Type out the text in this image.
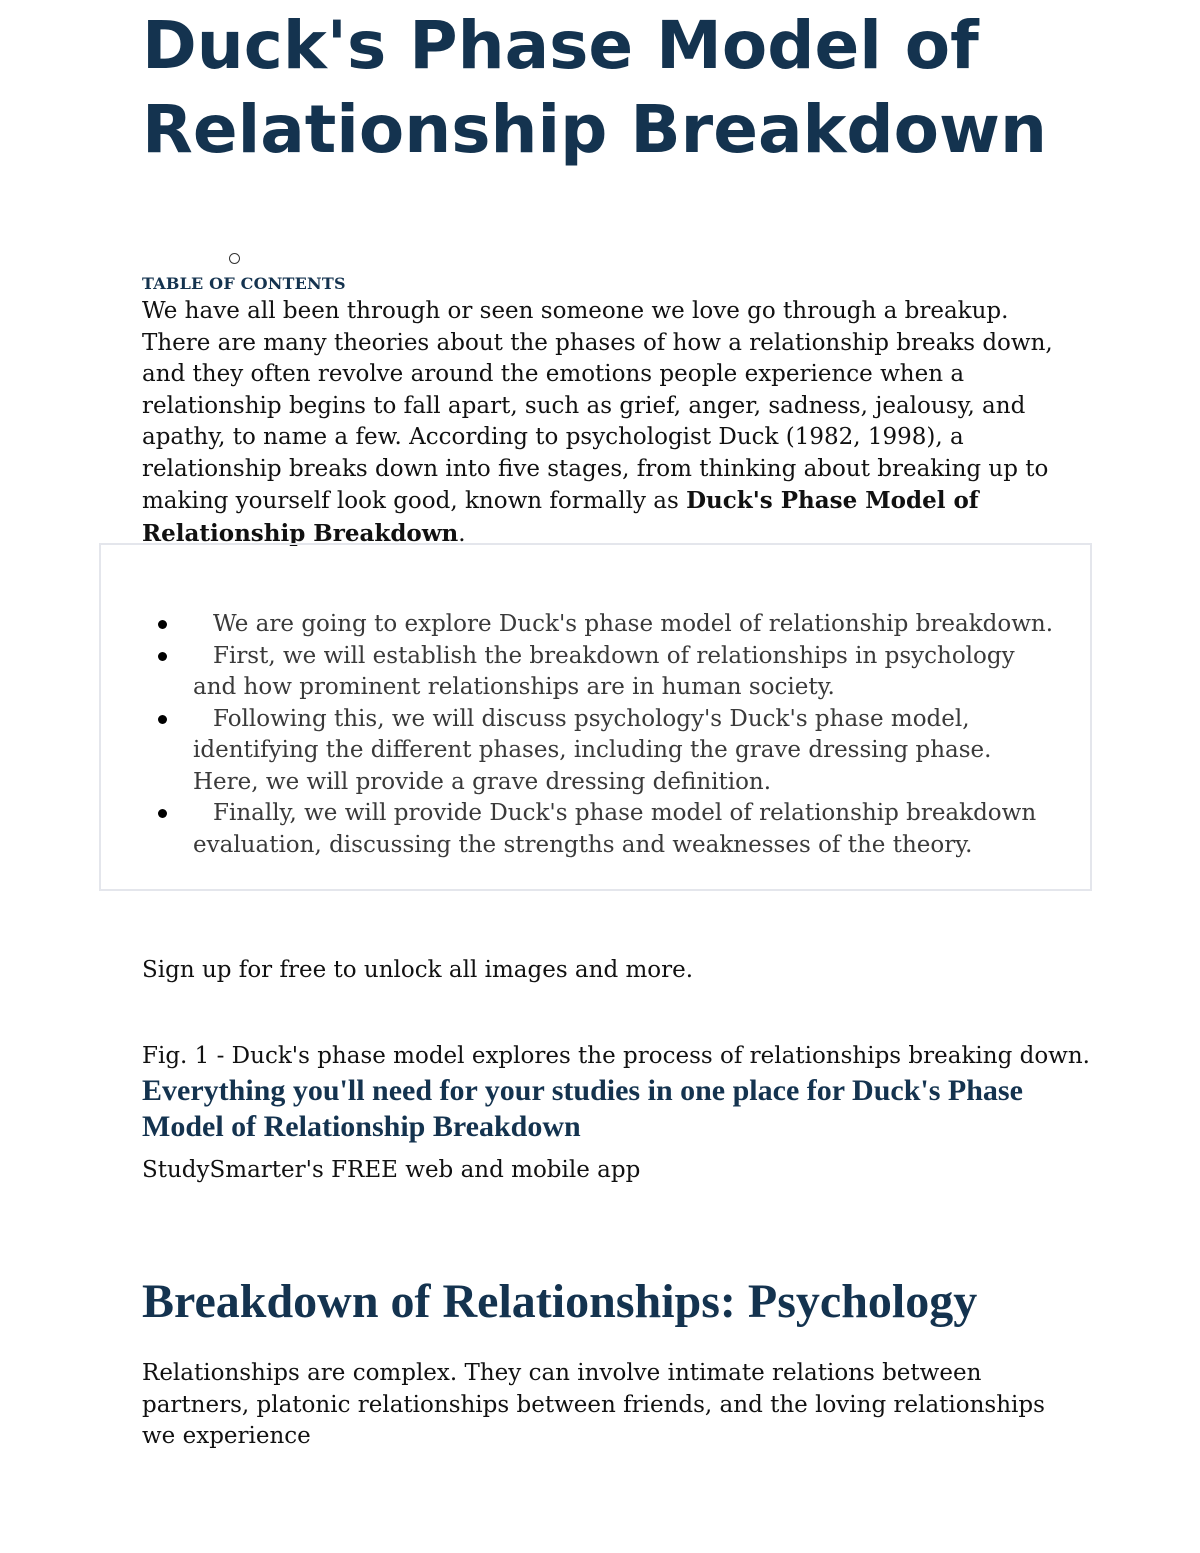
Duck's Phase Model of Relationship Breakdown
TABLE OF CONTENTS

We have all been through or seen someone we love go through a breakup. There are many theories about the phases of how a relationship breaks down, and they often revolve around the emotions people experience when a relationship begins to fall apart, such as grief, anger, sadness, jealousy, and apathy, to name a few. According to psychologist Duck (1982, 1998), a relationship breaks down into five stages, from thinking about breaking up to making yourself look good, known formally as Duck's Phase Model of Relationship Breakdown.

We are going to explore Duck's phase model of relationship breakdown.
First, we will establish the breakdown of relationships in psychology and how prominent relationships are in human society.
Following this, we will discuss psychology's Duck's phase model, identifying the different phases, including the grave dressing phase. Here, we will provide a grave dressing definition.
Finally, we will provide Duck's phase model of relationship breakdown evaluation, discussing the strengths and weaknesses of the theory.
Sign up for free to unlock all images and more.
Fig. 1 - Duck's phase model explores the process of relationships breaking down.
Everything you'll need for your studies in one place for Duck's Phase Model of Relationship Breakdown
StudySmarter's FREE web and mobile app
Breakdown of Relationships: Psychology

Relationships are complex. They can involve intimate relations between partners, platonic relationships between friends, and the loving relationships we experience
